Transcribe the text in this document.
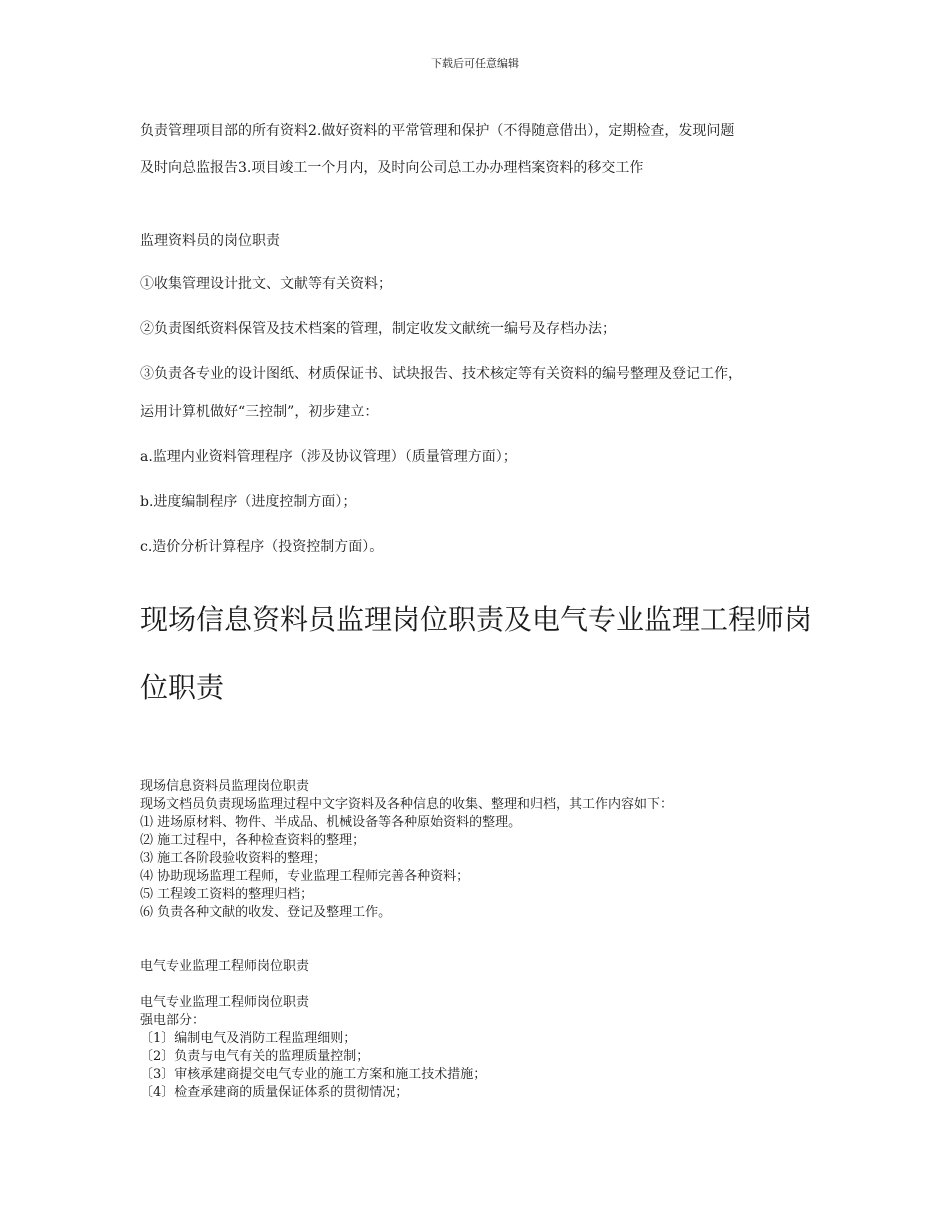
下载后可任意编辑
负责管理项目部的所有资料2.做好资料的平常管理和保护（不得随意借出），定期检查，发现问题
及时向总监报告3.项目竣工一个月内，及时向公司总工办办理档案资料的移交工作
监理资料员的岗位职责
①收集管理设计批文、文献等有关资料；
②负责图纸资料保管及技术档案的管理，制定收发文献统一编号及存档办法；
③负责各专业的设计图纸、材质保证书、试块报告、技术核定等有关资料的编号整理及登记工作，
运用计算机做好“三控制”，初步建立：
a.监理内业资料管理程序（涉及协议管理）（质量管理方面）；
b.进度编制程序（进度控制方面）；
c.造价分析计算程序（投资控制方面）。
现场信息资料员监理岗位职责及电气专业监理工程师岗
位职责
现场信息资料员监理岗位职责
现场文档员负责现场监理过程中文字资料及各种信息的收集、整理和归档，其工作内容如下：
⑴ 进场原材料、物件、半成品、机械设备等各种原始资料的整理。
⑵ 施工过程中，各种检查资料的整理；
⑶ 施工各阶段验收资料的整理；
⑷ 协助现场监理工程师，专业监理工程师完善各种资料；
⑸ 工程竣工资料的整理归档；
⑹ 负责各种文献的收发、登记及整理工作。
电气专业监理工程师岗位职责
电气专业监理工程师岗位职责
强电部分：
〔1〕编制电气及消防工程监理细则；
〔2〕负责与电气有关的监理质量控制；
〔3〕审核承建商提交电气专业的施工方案和施工技术措施；
〔4〕检查承建商的质量保证体系的贯彻情况；
